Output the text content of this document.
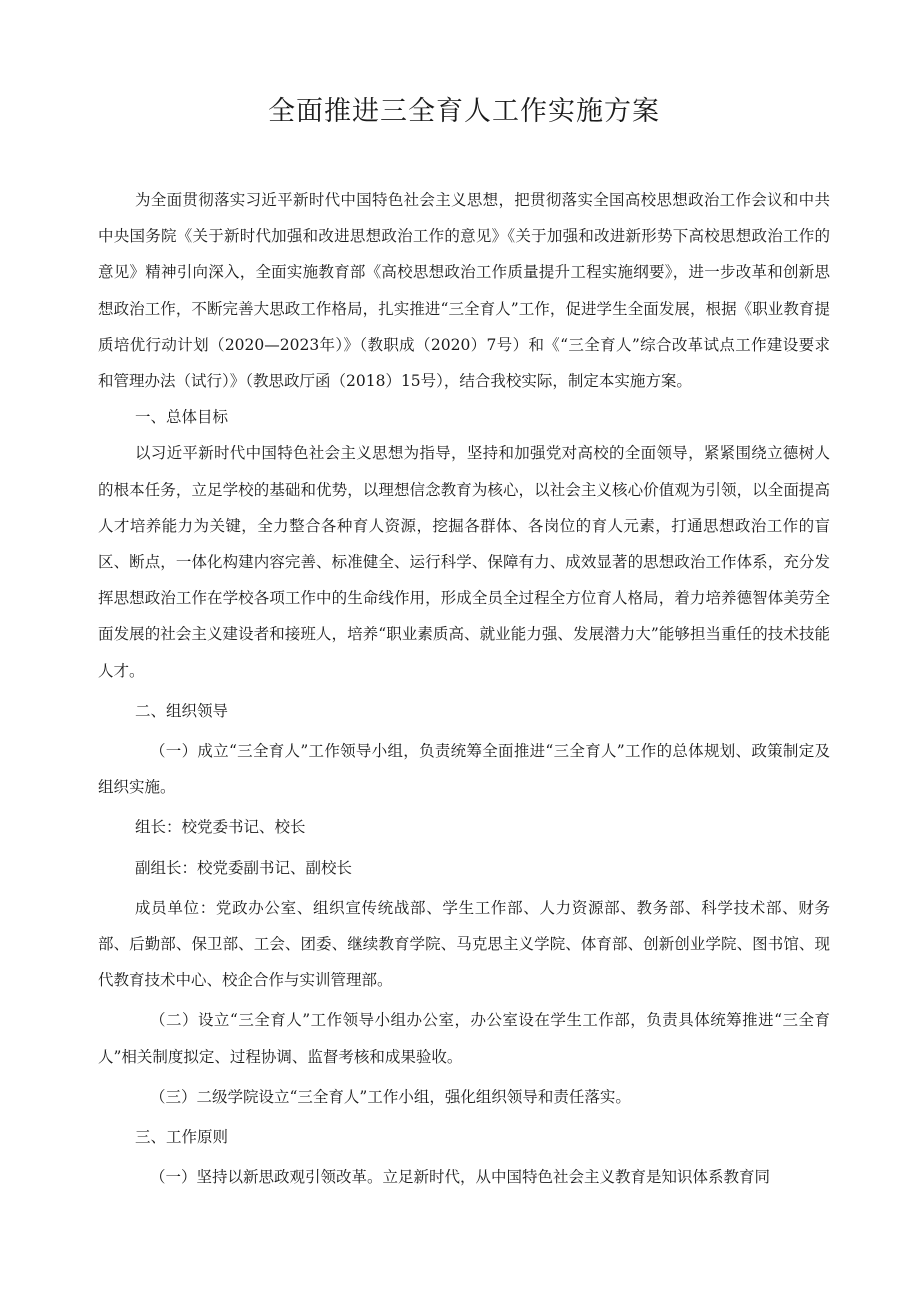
全面推进三全育人工作实施方案

为全面贯彻落实习近平新时代中国特色社会主义思想，把贯彻落实全国高校思想政治工作会议和中共中央国务院《关于新时代加强和改进思想政治工作的意见》《关于加强和改进新形势下高校思想政治工作的意见》精神引向深入，全面实施教育部《高校思想政治工作质量提升工程实施纲要》，进一步改革和创新思想政治工作，不断完善大思政工作格局，扎实推进“三全育人”工作，促进学生全面发展，根据《职业教育提质培优行动计划（2020—2023年）》（教职成（2020）7号）和《“三全育人”综合改革试点工作建设要求和管理办法（试行）》（教思政厅函（2018）15号），结合我校实际，制定本实施方案。

一、总体目标

以习近平新时代中国特色社会主义思想为指导，坚持和加强党对高校的全面领导，紧紧围绕立德树人的根本任务，立足学校的基础和优势，以理想信念教育为核心，以社会主义核心价值观为引领，以全面提高人才培养能力为关键，全力整合各种育人资源，挖掘各群体、各岗位的育人元素，打通思想政治工作的盲区、断点，一体化构建内容完善、标准健全、运行科学、保障有力、成效显著的思想政治工作体系，充分发挥思想政治工作在学校各项工作中的生命线作用，形成全员全过程全方位育人格局，着力培养德智体美劳全面发展的社会主义建设者和接班人，培养“职业素质高、就业能力强、发展潜力大”能够担当重任的技术技能人才。

二、组织领导

（一）成立“三全育人”工作领导小组，负责统筹全面推进“三全育人”工作的总体规划、政策制定及组织实施。

组长：校党委书记、校长

副组长：校党委副书记、副校长

成员单位：党政办公室、组织宣传统战部、学生工作部、人力资源部、教务部、科学技术部、财务部、后勤部、保卫部、工会、团委、继续教育学院、马克思主义学院、体育部、创新创业学院、图书馆、现代教育技术中心、校企合作与实训管理部。

（二）设立“三全育人”工作领导小组办公室，办公室设在学生工作部，负责具体统筹推进“三全育人”相关制度拟定、过程协调、监督考核和成果验收。

（三）二级学院设立“三全育人”工作小组，强化组织领导和责任落实。

三、工作原则

（一）坚持以新思政观引领改革。立足新时代，从中国特色社会主义教育是知识体系教育同
